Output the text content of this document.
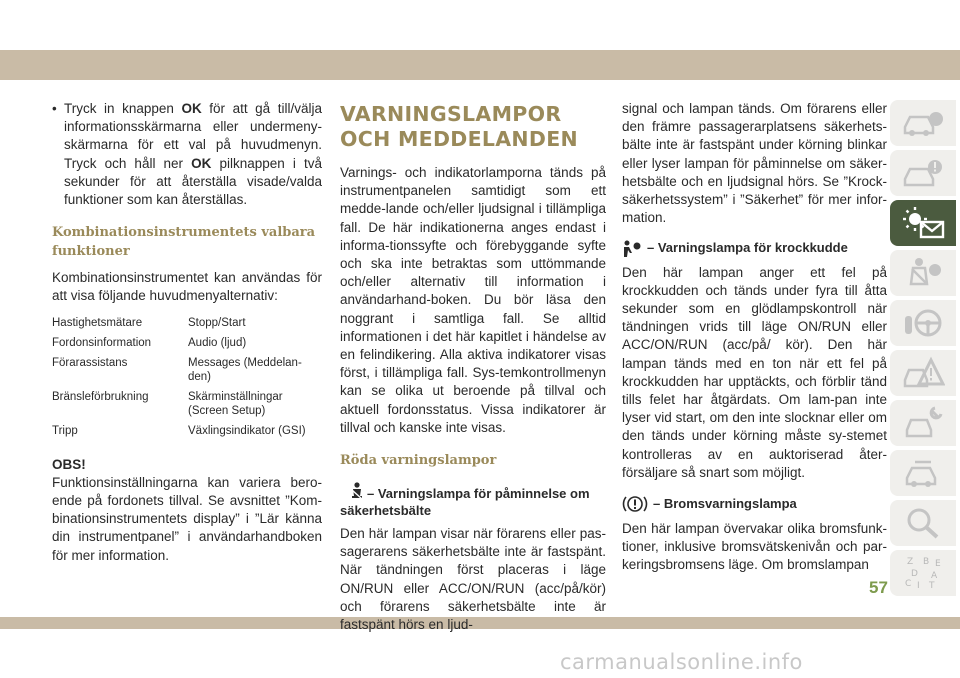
• Tryck in knappen OK för att gå till/välja informationsskärmarna eller undermeny-skärmarna för ett val på huvudmenyn. Tryck och håll ner OK pilknappen i två sekunder för att återställa visade/valda funktioner som kan återställas.
Kombinationsinstrumentets valbara funktioner

Kombinationsinstrumentet kan användas för att visa följande huvudmenyalternativ:

Hastighetsmätare	Stopp/Start
Fordonsinformation	Audio (ljud)
Förarassistans	Messages (Meddelan-den)
Bränsleförbrukning	Skärminställningar (Screen Setup)
Tripp	Växlingsindikator (GSI)
OBS!

Funktionsinställningarna kan variera bero-ende på fordonets tillval. Se avsnittet ”Kom-binationsinstrumentets display” i ”Lär känna din instrumentpanel” i användarhandboken för mer information.

VARNINGSLAMPOR OCH MEDDELANDEN

Varnings- och indikatorlamporna tänds på instrumentpanelen samtidigt som ett medde-lande och/eller ljudsignal i tillämpliga fall. De här indikationerna anges endast i informa-tionssyfte och förebyggande syfte och ska inte betraktas som uttömmande och/eller alternativ till information i användarhand-boken. Du bör läsa den noggrant i samtliga fall. Se alltid informationen i det här kapitlet i händelse av en felindikering. Alla aktiva indikatorer visas först, i tillämpliga fall. Sys-temkontrollmenyn kan se olika ut beroende på tillval och aktuell fordonsstatus. Vissa indikatorer är tillval och kanske inte visas.

Röda varningslampor
– Varningslampa för påminnelse om säkerhetsbälte

Den här lampan visar när förarens eller pas-sagerarens säkerhetsbälte inte är fastspänt. När tändningen först placeras i läge ON/RUN eller ACC/ON/RUN (acc/på/kör) och förarens säkerhetsbälte inte är fastspänt hörs en ljud-

signal och lampan tänds. Om förarens eller den främre passagerarplatsens säkerhets-bälte inte är fastspänt under körning blinkar eller lyser lampan för påminnelse om säker-hetsbälte och en ljudsignal hörs. Se ”Krock-säkerhetssystem” i ”Säkerhet” för mer infor-mation.

– Varningslampa för krockkudde

Den här lampan anger ett fel på krockkudden och tänds under fyra till åtta sekunder som en glödlampskontroll när tändningen vrids till läge ON/RUN eller ACC/ON/RUN (acc/på/ kör). Den här lampan tänds med en ton när ett fel på krockkudden har upptäckts, och förblir tänd tills felet har åtgärdats. Om lam-pan inte lyser vid start, om den inte slocknar eller om den tänds under körning måste sy-stemet kontrolleras av en auktoriserad åter-försäljare så snart som möjligt.

– Bromsvarningslampa

Den här lampan övervakar olika bromsfunk-tioner, inklusive bromsvätskenivån och par-keringsbromsens läge. Om bromslampan	Z B E
A
D
C I T
57
carmanualsonline.info
